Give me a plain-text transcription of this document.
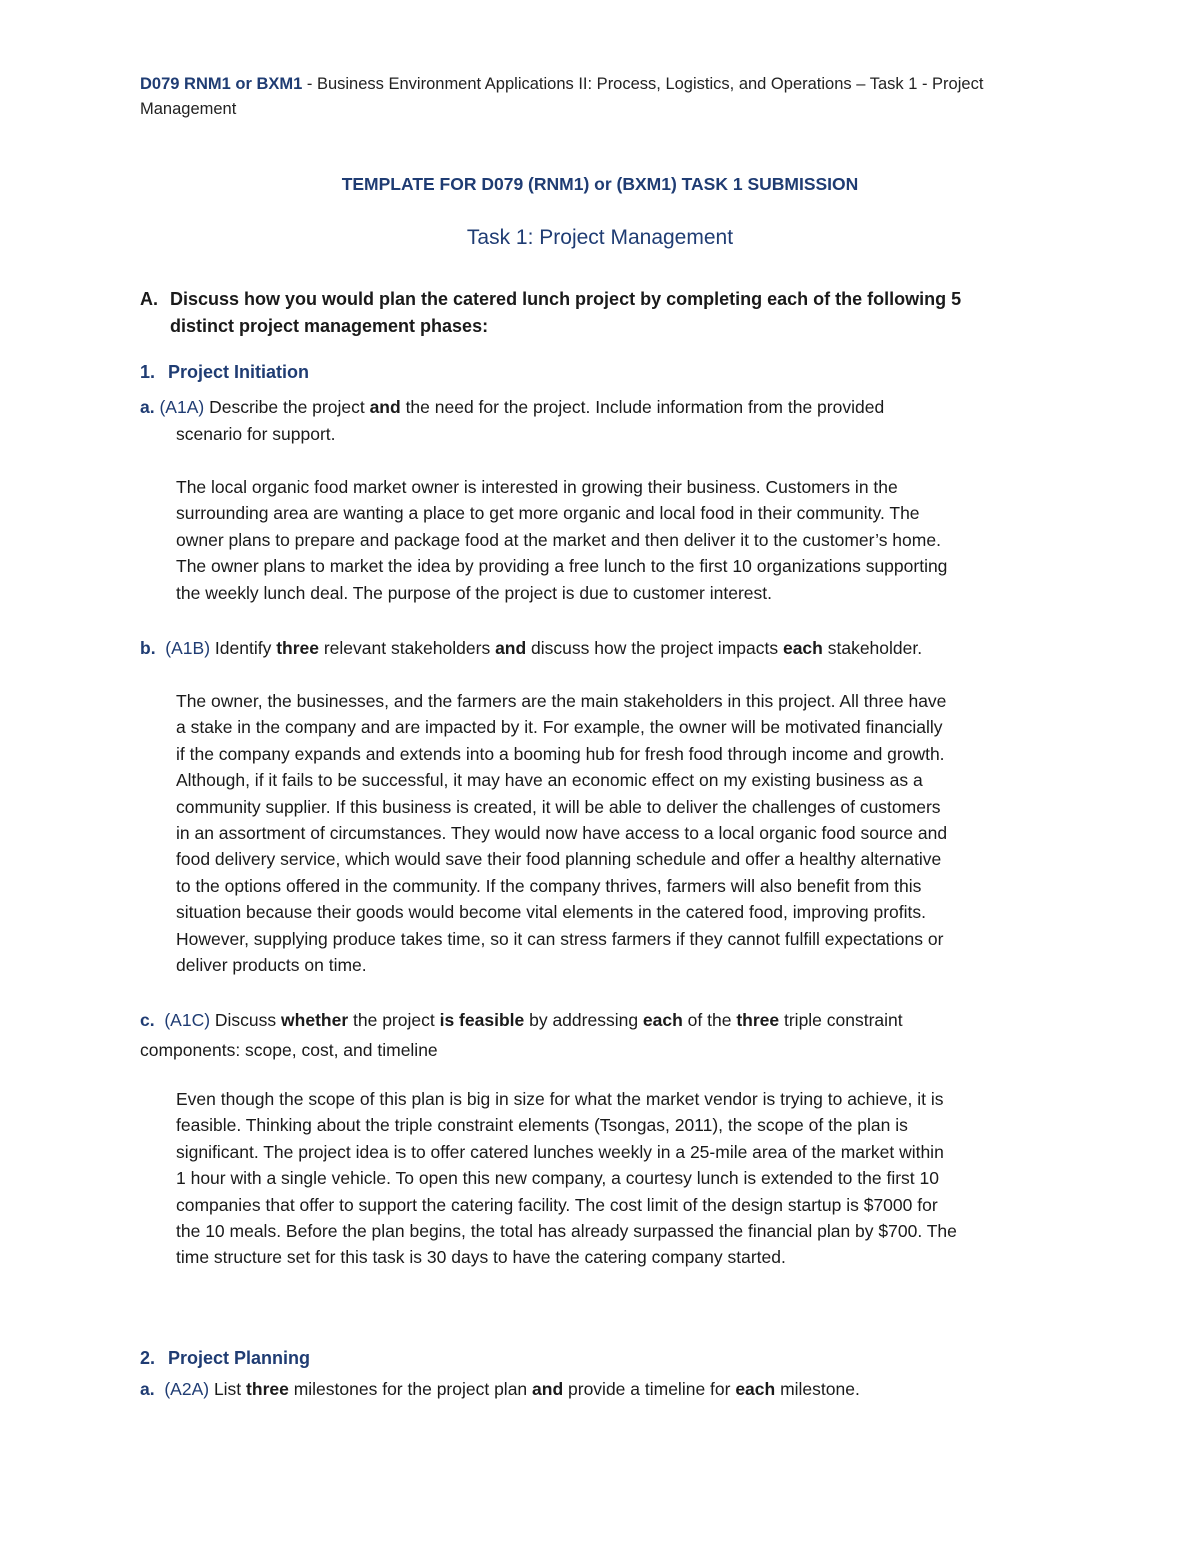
D079 RNM1 or BXM1 - Business Environment Applications II: Process, Logistics, and Operations – Task 1 - Project
Management
TEMPLATE FOR D079 (RNM1) or (BXM1) TASK 1 SUBMISSION
Task 1: Project Management
A. Discuss how you would plan the catered lunch project by completing each of the following 5
distinct project management phases:
1. Project Initiation
a. (A1A) Describe the project and the need for the project. Include information from the provided
scenario for support.
The local organic food market owner is interested in growing their business. Customers in the
surrounding area are wanting a place to get more organic and local food in their community. The
owner plans to prepare and package food at the market and then deliver it to the customer’s home.
The owner plans to market the idea by providing a free lunch to the first 10 organizations supporting
the weekly lunch deal. The purpose of the project is due to customer interest.
b. (A1B) Identify three relevant stakeholders and discuss how the project impacts each stakeholder.
The owner, the businesses, and the farmers are the main stakeholders in this project. All three have
a stake in the company and are impacted by it. For example, the owner will be motivated financially
if the company expands and extends into a booming hub for fresh food through income and growth.
Although, if it fails to be successful, it may have an economic effect on my existing business as a
community supplier. If this business is created, it will be able to deliver the challenges of customers
in an assortment of circumstances. They would now have access to a local organic food source and
food delivery service, which would save their food planning schedule and offer a healthy alternative
to the options offered in the community. If the company thrives, farmers will also benefit from this
situation because their goods would become vital elements in the catered food, improving profits.
However, supplying produce takes time, so it can stress farmers if they cannot fulfill expectations or
deliver products on time.
c. (A1C) Discuss whether the project is feasible by addressing each of the three triple constraint
components: scope, cost, and timeline
Even though the scope of this plan is big in size for what the market vendor is trying to achieve, it is
feasible. Thinking about the triple constraint elements (Tsongas, 2011), the scope of the plan is
significant. The project idea is to offer catered lunches weekly in a 25-mile area of the market within
1 hour with a single vehicle. To open this new company, a courtesy lunch is extended to the first 10
companies that offer to support the catering facility. The cost limit of the design startup is $7000 for
the 10 meals. Before the plan begins, the total has already surpassed the financial plan by $700. The
time structure set for this task is 30 days to have the catering company started.
2. Project Planning
a. (A2A) List three milestones for the project plan and provide a timeline for each milestone.
